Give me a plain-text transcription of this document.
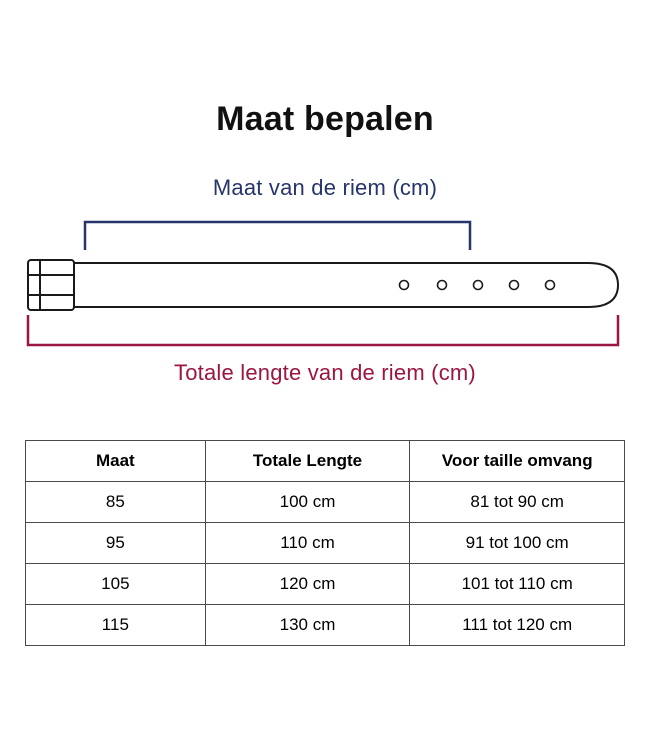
Maat bepalen
Maat van de riem (cm)
Totale lengte van de riem (cm)
Maat	Totale Lengte	Voor taille omvang
85	100 cm	81 tot 90 cm
95	110 cm	91 tot 100 cm
105	120 cm	101 tot 110 cm
115	130 cm	111 tot 120 cm
